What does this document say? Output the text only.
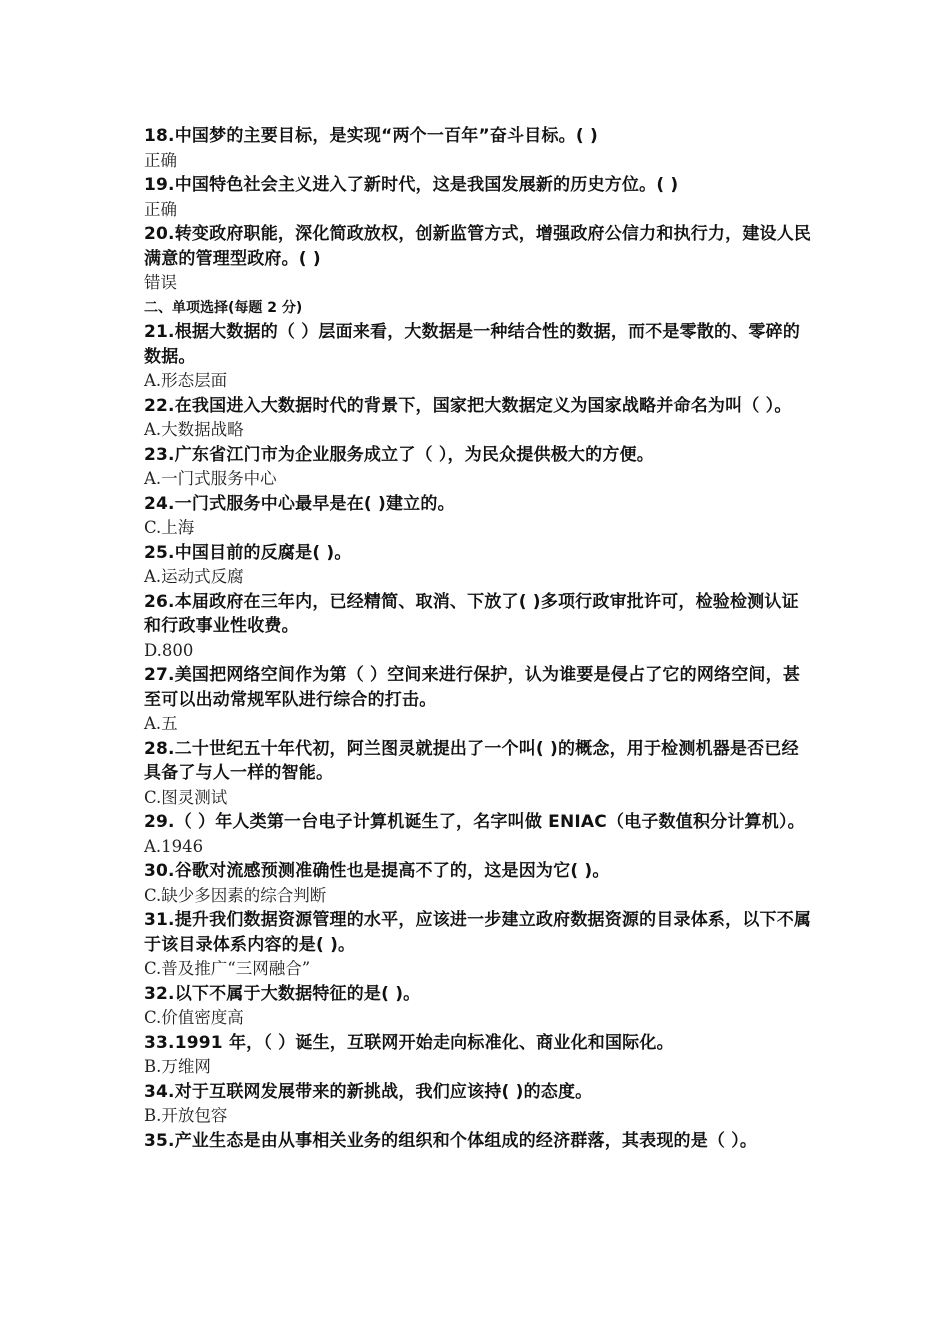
18.中国梦的主要目标，是实现“两个一百年”奋斗目标。( )

正确

19.中国特色社会主义进入了新时代，这是我国发展新的历史方位。( )

正确

20.转变政府职能，深化简政放权，创新监管方式，增强政府公信力和执行力，建设人民满意的管理型政府。( )

错误

二、单项选择(每题 2 分)

21.根据大数据的（ ）层面来看，大数据是一种结合性的数据，而不是零散的、零碎的数据。

A.形态层面

22.在我国进入大数据时代的背景下，国家把大数据定义为国家战略并命名为叫（ ）。

A.大数据战略

23.广东省江门市为企业服务成立了（ ），为民众提供极大的方便。

A.一门式服务中心

24.一门式服务中心最早是在( )建立的。

C.上海

25.中国目前的反腐是( )。

A.运动式反腐

26.本届政府在三年内，已经精简、取消、下放了( )多项行政审批许可，检验检测认证和行政事业性收费。

D.800

27.美国把网络空间作为第（ ）空间来进行保护，认为谁要是侵占了它的网络空间，甚至可以出动常规军队进行综合的打击。

A.五

28.二十世纪五十年代初，阿兰图灵就提出了一个叫( )的概念，用于检测机器是否已经具备了与人一样的智能。

C.图灵测试

29.（ ）年人类第一台电子计算机诞生了，名字叫做 ENIAC（电子数值积分计算机）。

A.1946

30.谷歌对流感预测准确性也是提高不了的，这是因为它( )。

C.缺少多因素的综合判断

31.提升我们数据资源管理的水平，应该进一步建立政府数据资源的目录体系，以下不属于该目录体系内容的是( )。

C.普及推广“三网融合”

32.以下不属于大数据特征的是( )。

C.价值密度高

33.1991 年，（ ）诞生，互联网开始走向标准化、商业化和国际化。

B.万维网

34.对于互联网发展带来的新挑战，我们应该持( )的态度。

B.开放包容

35.产业生态是由从事相关业务的组织和个体组成的经济群落，其表现的是（ ）。
